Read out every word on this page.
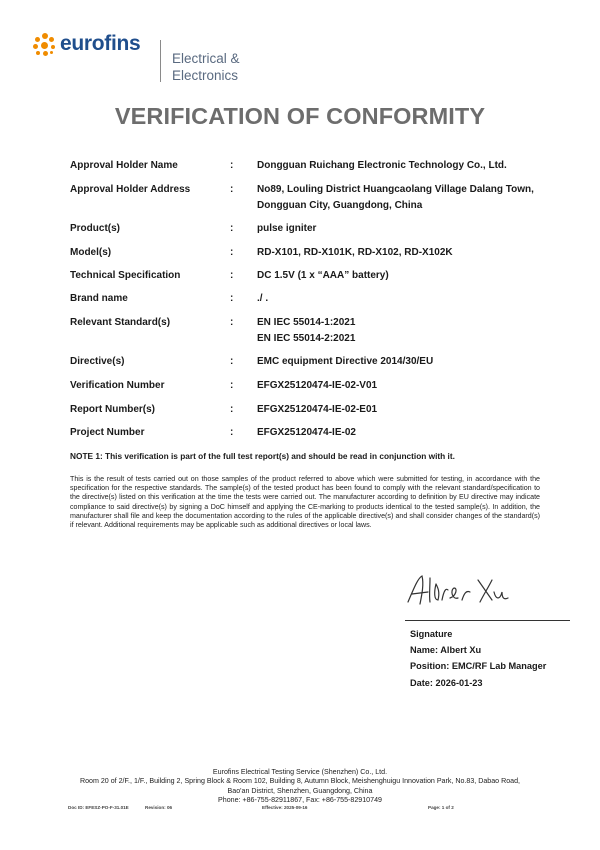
eurofins
Electrical &
Electronics
VERIFICATION OF CONFORMITY
Approval Holder Name	: Dongguan Ruichang Electronic Technology Co., Ltd.
Approval Holder Address	: No89, Louling District Huangcaolang Village Dalang Town,
Dongguan City, Guangdong, China
Product(s)	: pulse igniter
Model(s)	: RD-X101, RD-X101K, RD-X102, RD-X102K
Technical Specification	: DC 1.5V (1 x “AAA” battery)
Brand name	: ./ .
Relevant Standard(s)	: EN IEC 55014-1:2021
EN IEC 55014-2:2021
Directive(s)	: EMC equipment Directive 2014/30/EU
Verification Number	: EFGX25120474-IE-02-V01
Report Number(s)	: EFGX25120474-IE-02-E01
Project Number	: EFGX25120474-IE-02
NOTE 1: This verification is part of the full test report(s) and should be read in conjunction with it.
This is the result of tests carried out on those samples of the product referred to above which were submitted for testing, in accordance with the specification for the respective standards. The sample(s) of the tested product has been found to comply with the relevant standard/specification to the directive(s) listed on this verification at the time the tests were carried out. The manufacturer according to definition by EU directive may indicate compliance to said directive(s) by signing a DoC himself and applying the CE-marking to products identical to the tested sample(s). In addition, the manufacturer shall file and keep the documentation according to the rules of the applicable directive(s) and shall consider changes of the standard(s) if relevant. Additional requirements may be applicable such as additional directives or local laws.
Signature
Name: Albert Xu
Position: EMC/RF Lab Manager
Date: 2026-01-23
Eurofins Electrical Testing Service (Shenzhen) Co., Ltd.
Room 20 of 2/F., 1/F., Building 2, Spring Block & Room 102, Building 8, Autumn Block, Meishenghuigu Innovation Park, No.83, Dabao Road,
Bao'an District, Shenzhen, Guangdong, China
Phone: +86-755-82911867, Fax: +86-755-82910749
Doc ID: EFESZ-PO-F-31.01E	Revision: 06	Effective: 2025-09-16	Page: 1 of 2
